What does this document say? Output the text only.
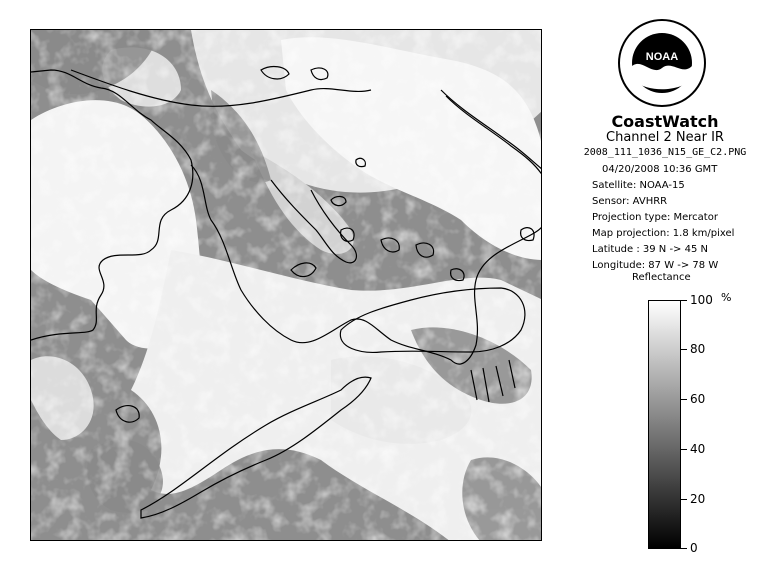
NOAA
CoastWatch
Channel 2 Near IR
2008_111_1036_N15_GE_C2.PNG
04/20/2008 10:36 GMT
Satellite: NOAA-15
Sensor: AVHRR
Projection type: Mercator
Map projection: 1.8 km/pixel
Latitude : 39 N -> 45 N
Longitude: 87 W -> 78 W
Reflectance
%
100
80
60
40
20
0
